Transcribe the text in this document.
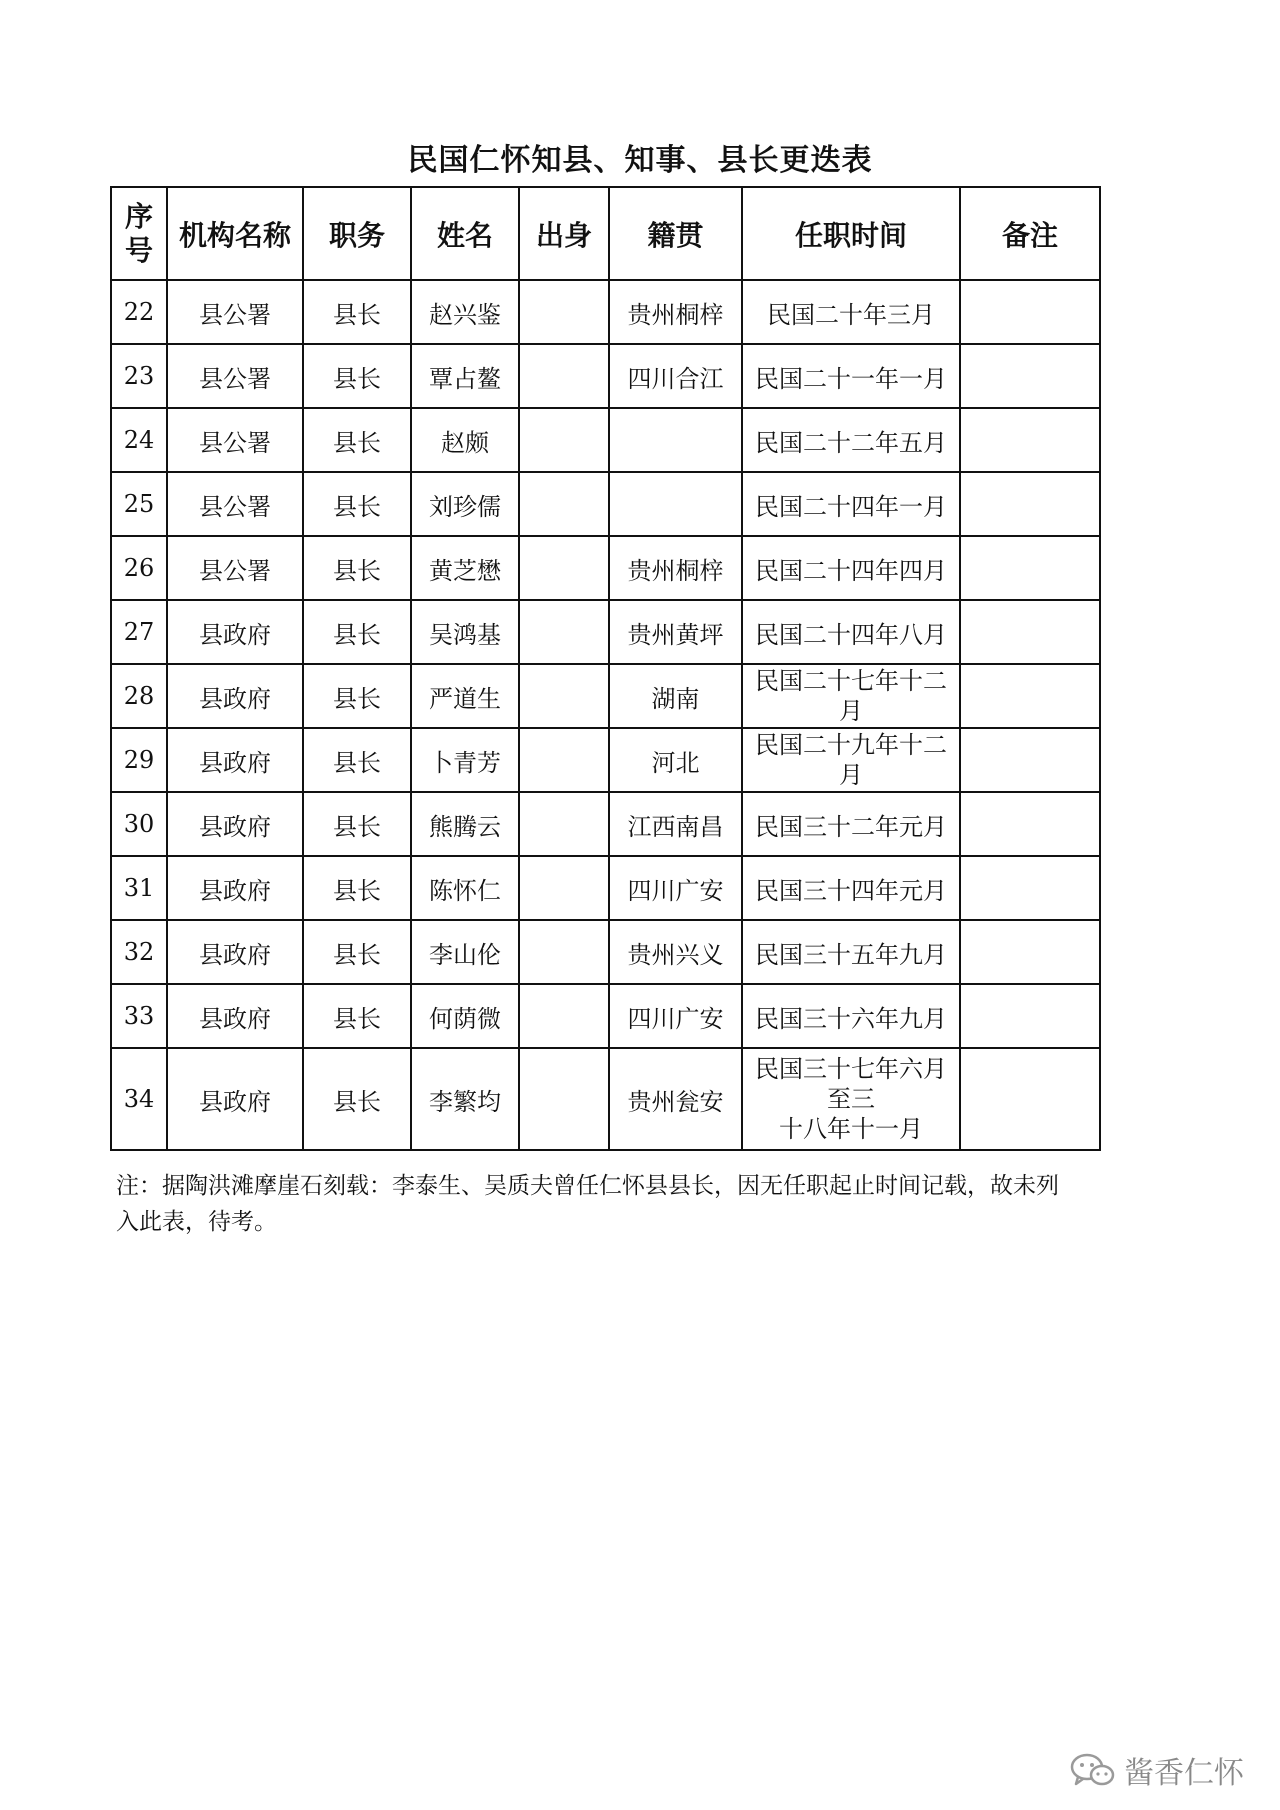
民国仁怀知县、知事、县长更迭表
序
号	机构名称	职务	姓名	出身	籍贯	任职时间	备注
22	县公署	县长	赵兴鉴		贵州桐梓	民国二十年三月	
23	县公署	县长	覃占鳌		四川合江	民国二十一年一月	
24	县公署	县长	赵颇			民国二十二年五月	
25	县公署	县长	刘珍儒			民国二十四年一月	
26	县公署	县长	黄芝懋		贵州桐梓	民国二十四年四月	
27	县政府	县长	吴鸿基		贵州黄坪	民国二十四年八月	
28	县政府	县长	严道生		湖南	民国二十七年十二
月	

29	县政府	县长	卜青芳		河北	民国二十九年十二
月	

30	县政府	县长	熊腾云		江西南昌	民国三十二年元月	
31	县政府	县长	陈怀仁		四川广安	民国三十四年元月	
32	县政府	县长	李山伦		贵州兴义	民国三十五年九月	
33	县政府	县长	何荫微		四川广安	民国三十六年九月	
34	县政府	县长	李繁均		贵州瓮安	民国三十七年六月
至三
十八年十一月	

注：据陶洪滩摩崖石刻载：李泰生、吴质夫曾任仁怀县县长，因无任职起止时间记载，故未列入此表，待考。
酱香仁怀
